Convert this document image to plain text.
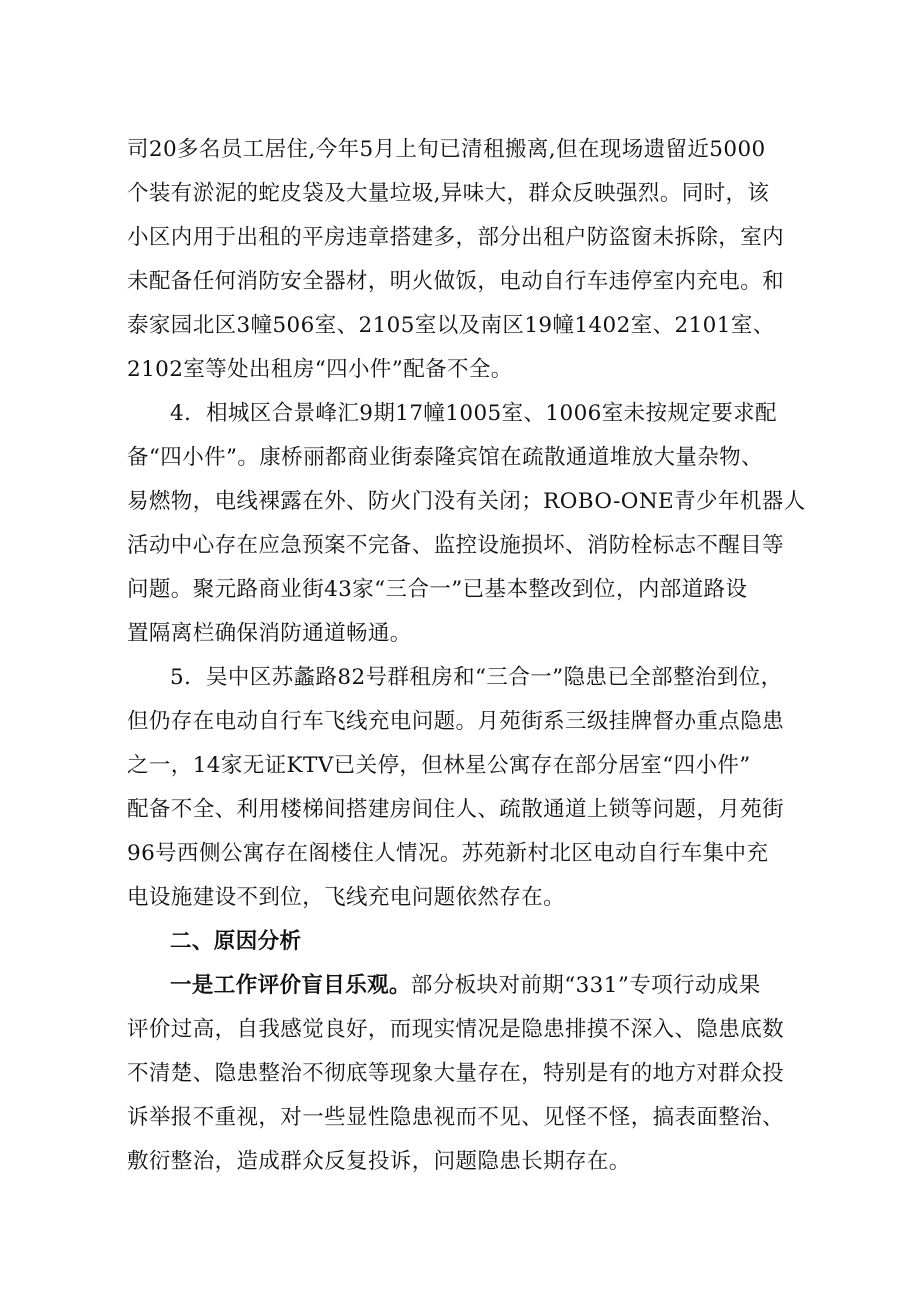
司20多名员工居住,今年5月上旬已清租搬离,但在现场遗留近5000
个装有淤泥的蛇皮袋及大量垃圾,异味大，群众反映强烈。同时，该
小区内用于出租的平房违章搭建多，部分出租户防盗窗未拆除，室内
未配备任何消防安全器材，明火做饭，电动自行车违停室内充电。和
泰家园北区3幢506室、2105室以及南区19幢1402室、2101室、
2102室等处出租房“四小件”配备不全。
4．相城区合景峰汇9期17幢1005室、1006室未按规定要求配
备“四小件”。康桥丽都商业街泰隆宾馆在疏散通道堆放大量杂物、
易燃物，电线裸露在外、防火门没有关闭；ROBO-ONE青少年机器人
活动中心存在应急预案不完备、监控设施损坏、消防栓标志不醒目等
问题。聚元路商业街43家“三合一”已基本整改到位，内部道路设
置隔离栏确保消防通道畅通。
5．吴中区苏蠡路82号群租房和“三合一”隐患已全部整治到位，
但仍存在电动自行车飞线充电问题。月苑街系三级挂牌督办重点隐患
之一，14家无证KTV已关停，但林星公寓存在部分居室“四小件”
配备不全、利用楼梯间搭建房间住人、疏散通道上锁等问题，月苑街
96号西侧公寓存在阁楼住人情况。苏苑新村北区电动自行车集中充
电设施建设不到位，飞线充电问题依然存在。
二、原因分析
一是工作评价盲目乐观。部分板块对前期“331”专项行动成果
评价过高，自我感觉良好，而现实情况是隐患排摸不深入、隐患底数
不清楚、隐患整治不彻底等现象大量存在，特别是有的地方对群众投
诉举报不重视，对一些显性隐患视而不见、见怪不怪，搞表面整治、
敷衍整治，造成群众反复投诉，问题隐患长期存在。
